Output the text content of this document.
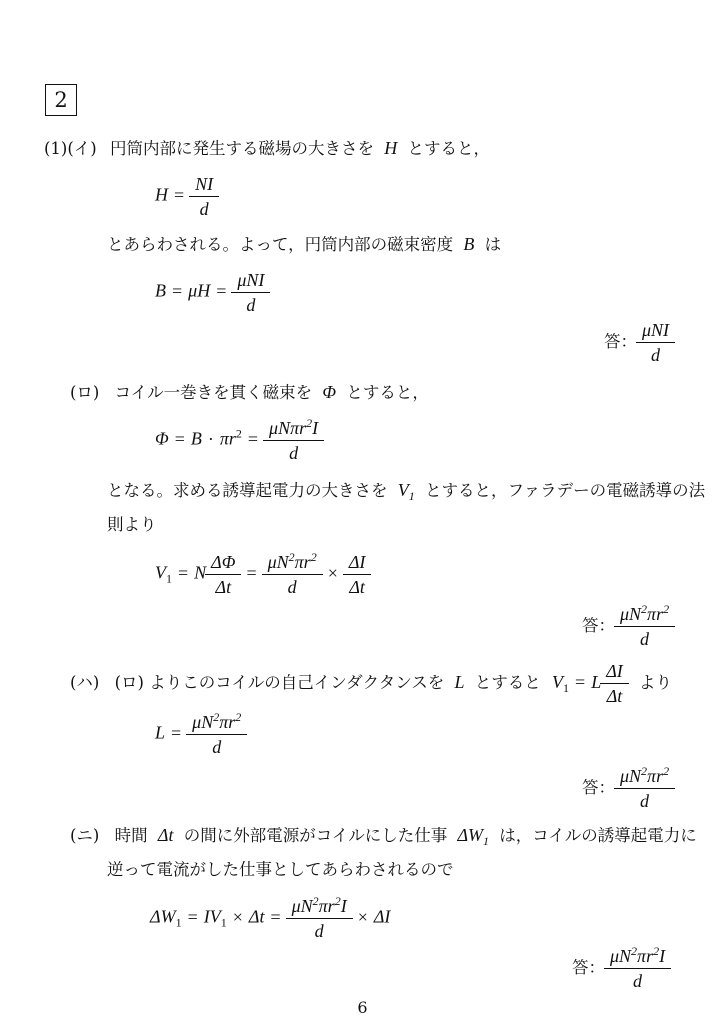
2
(1)(イ) 円筒内部に発生する磁場の大きさを H とすると，
$H = \frac{NI}{d}$
とあらわされる。よって，円筒内部の磁束密度 B は
$B = \mu H = \frac{\text{μNI}}{d}$
答： $\frac{\text{μNI}}{d}$
(ロ) コイル一巻きを貫く磁束を Φ とすると，
$\Phi = B \cdot \pi r^2 = \frac{\mu N\pi r^2I}{d}$
となる。求める誘導起電力の大きさを $V_1$ とすると，ファラデーの電磁誘導の法
則より
$V_1 = N \frac{\Delta\Phi}{\Delta t} = \frac{\mu N^2\pi r^2}{d} \times \frac{\Delta I}{\Delta t}$
答： $\frac{\mu N^2\pi r^2}{d}$
(ハ) (ロ) よりこのコイルの自己インダクタンスを L とすると $V_1 = L \frac{\Delta I}{\Delta t}$ より
$L = \frac{\mu N^2\pi r^2}{d}$
答： $\frac{\mu N^2\pi r^2}{d}$
(ニ) 時間 Δt の間に外部電源がコイルにした仕事 $\Delta W_1$ は，コイルの誘導起電力に
逆って電流がした仕事としてあらわされるので
$\Delta W_1 = IV_1 \times \Delta t = \frac{\mu N^2\pi r^2I}{d} \times \Delta I$
答： $\frac{\mu N^2\pi r^2I}{d}$
6
